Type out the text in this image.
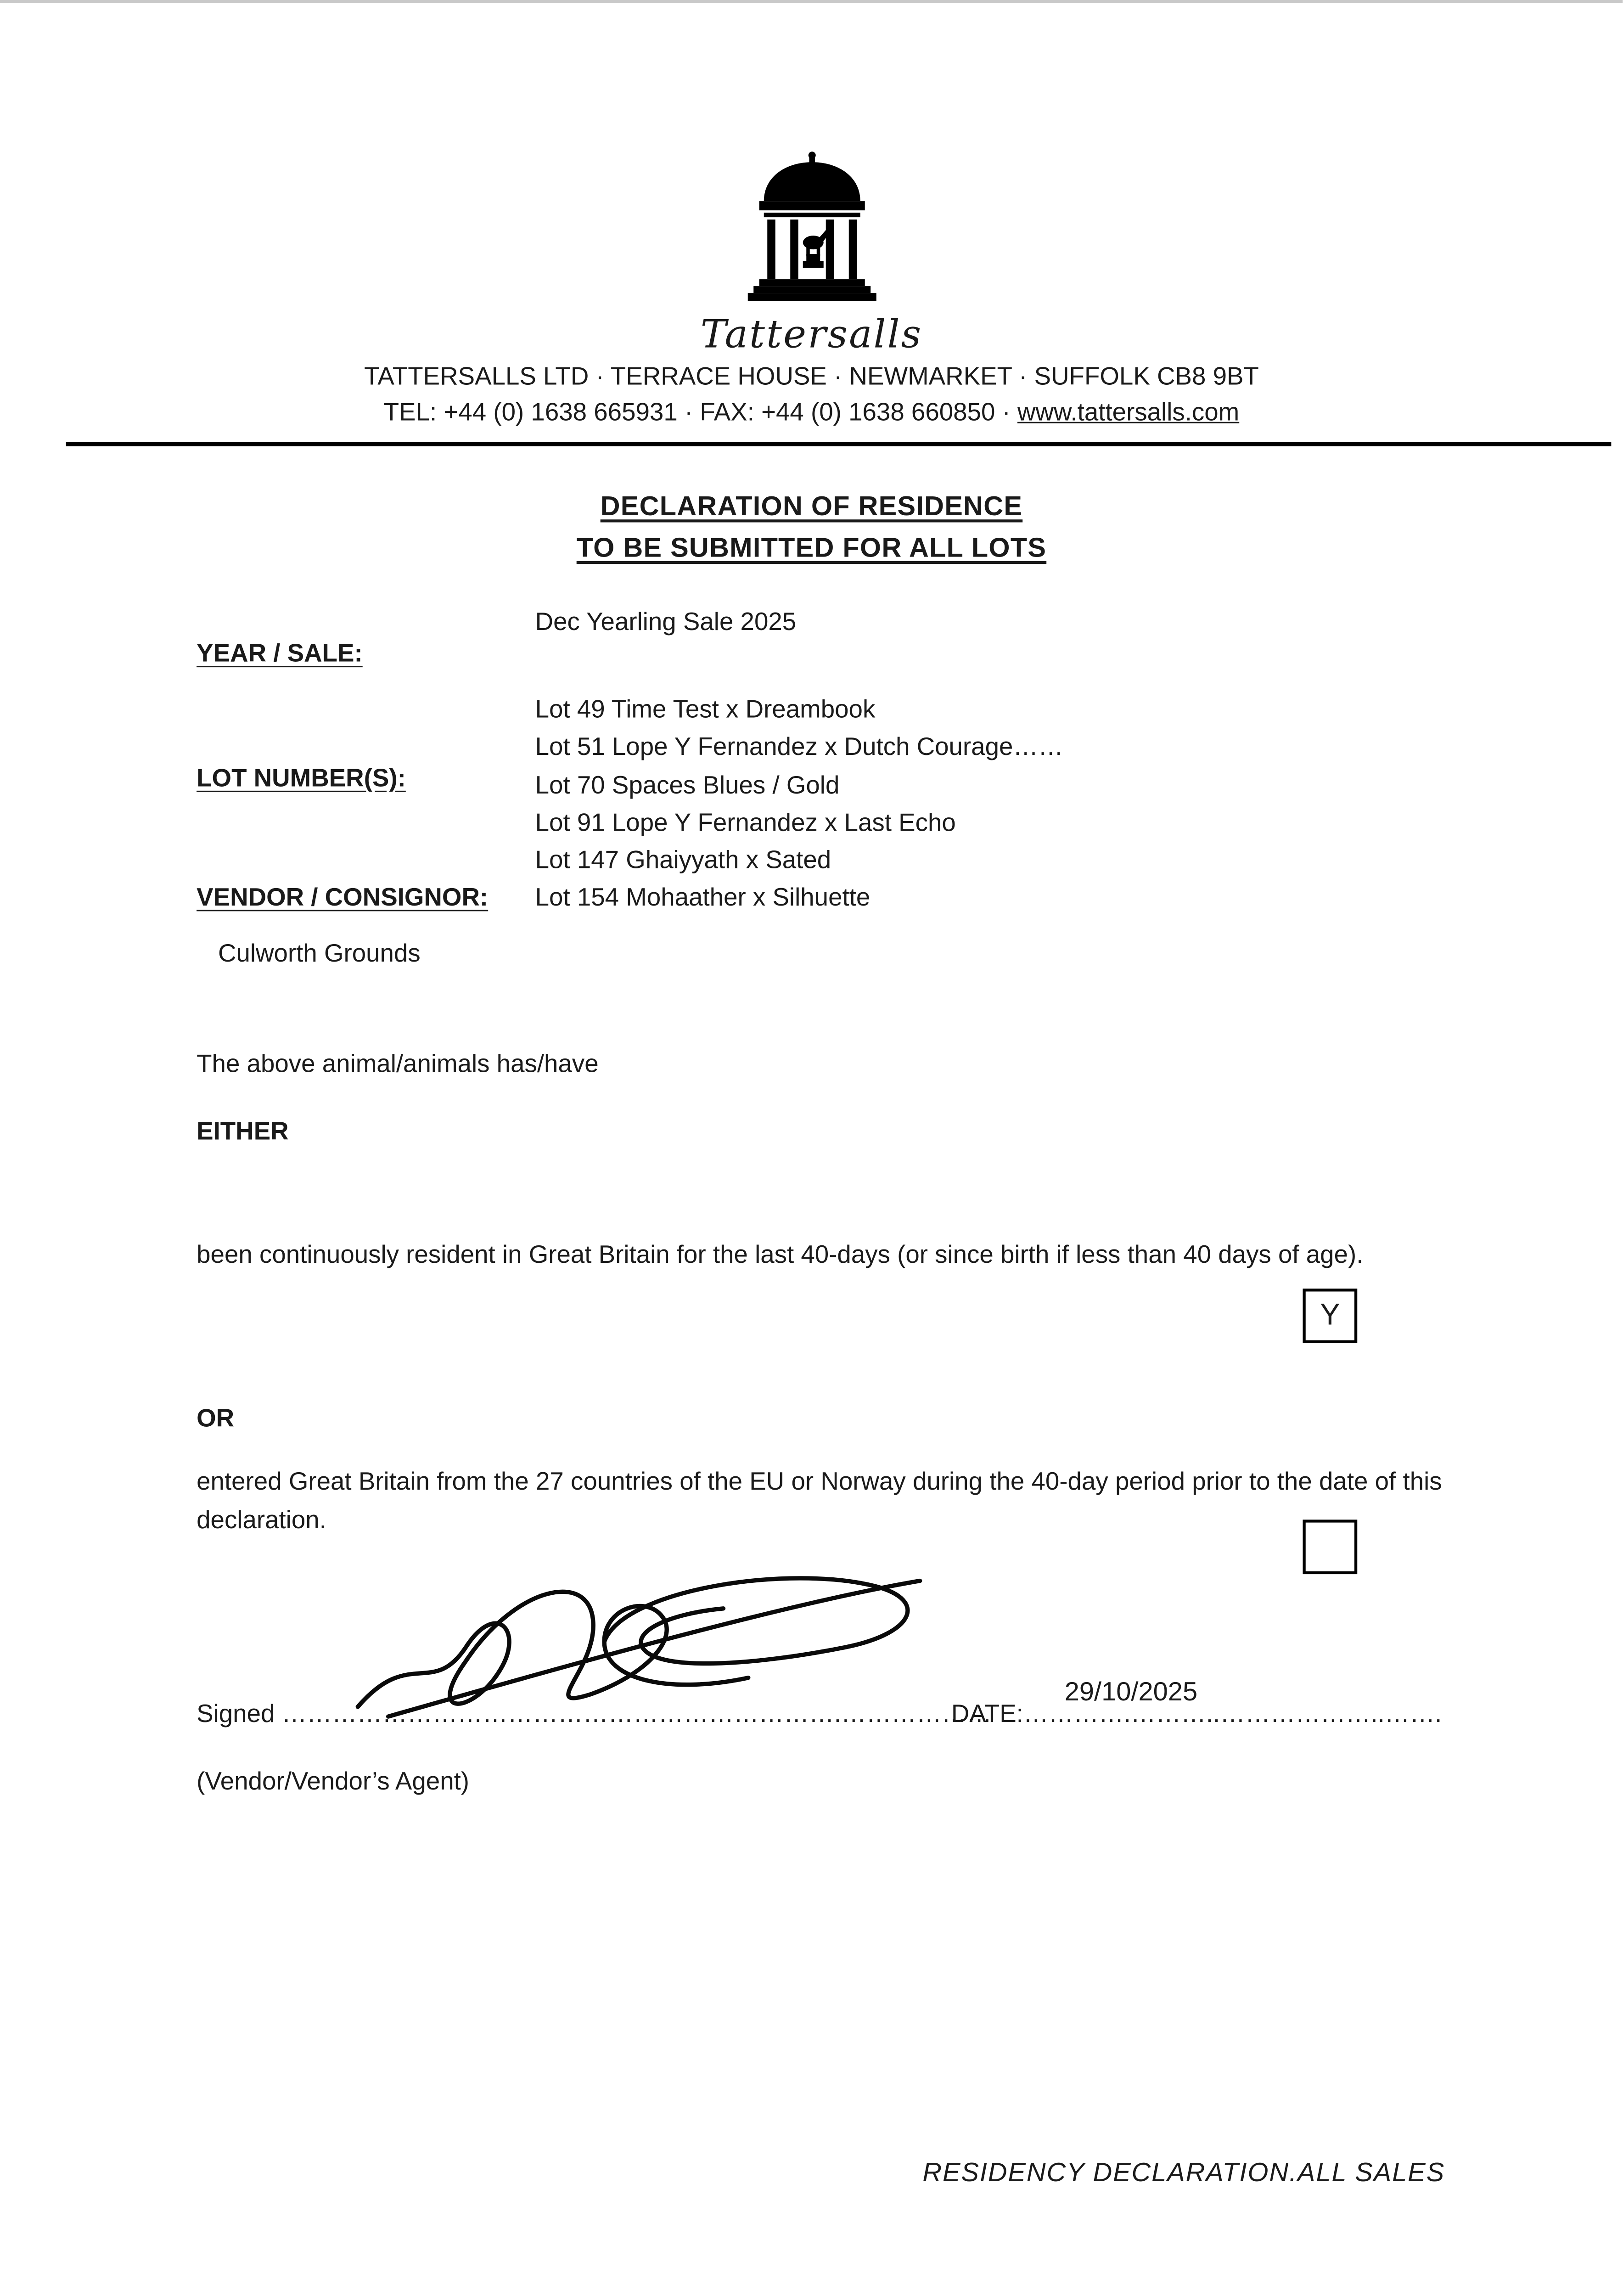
Tattersalls
TATTERSALLS LTD · TERRACE HOUSE · NEWMARKET · SUFFOLK CB8 9BT
TEL: +44 (0) 1638 665931 · FAX: +44 (0) 1638 660850 · www.tattersalls.com
DECLARATION OF RESIDENCE
TO BE SUBMITTED FOR ALL LOTS
YEAR / SALE:
Dec Yearling Sale 2025
LOT NUMBER(S):
Lot 49 Time Test x Dreambook
Lot 51 Lope Y Fernandez x Dutch Courage……
Lot 70 Spaces Blues / Gold
Lot 91 Lope Y Fernandez x Last Echo
Lot 147 Ghaiyyath x Sated
Lot 154 Mohaather x Silhuette
VENDOR / CONSIGNOR:
Culworth Grounds
The above animal/animals has/have
EITHER
been continuously resident in Great Britain for the last 40-days (or since birth if less than 40 days of age).
Y
OR
entered Great Britain from the 27 countries of the EU or Norway during the 40-day period prior to the date of this declaration.
Signed ………………………………………………………….………………
DATE:………….………..………………..…….
29/10/2025
(Vendor/Vendor’s Agent)
RESIDENCY DECLARATION.ALL SALES
